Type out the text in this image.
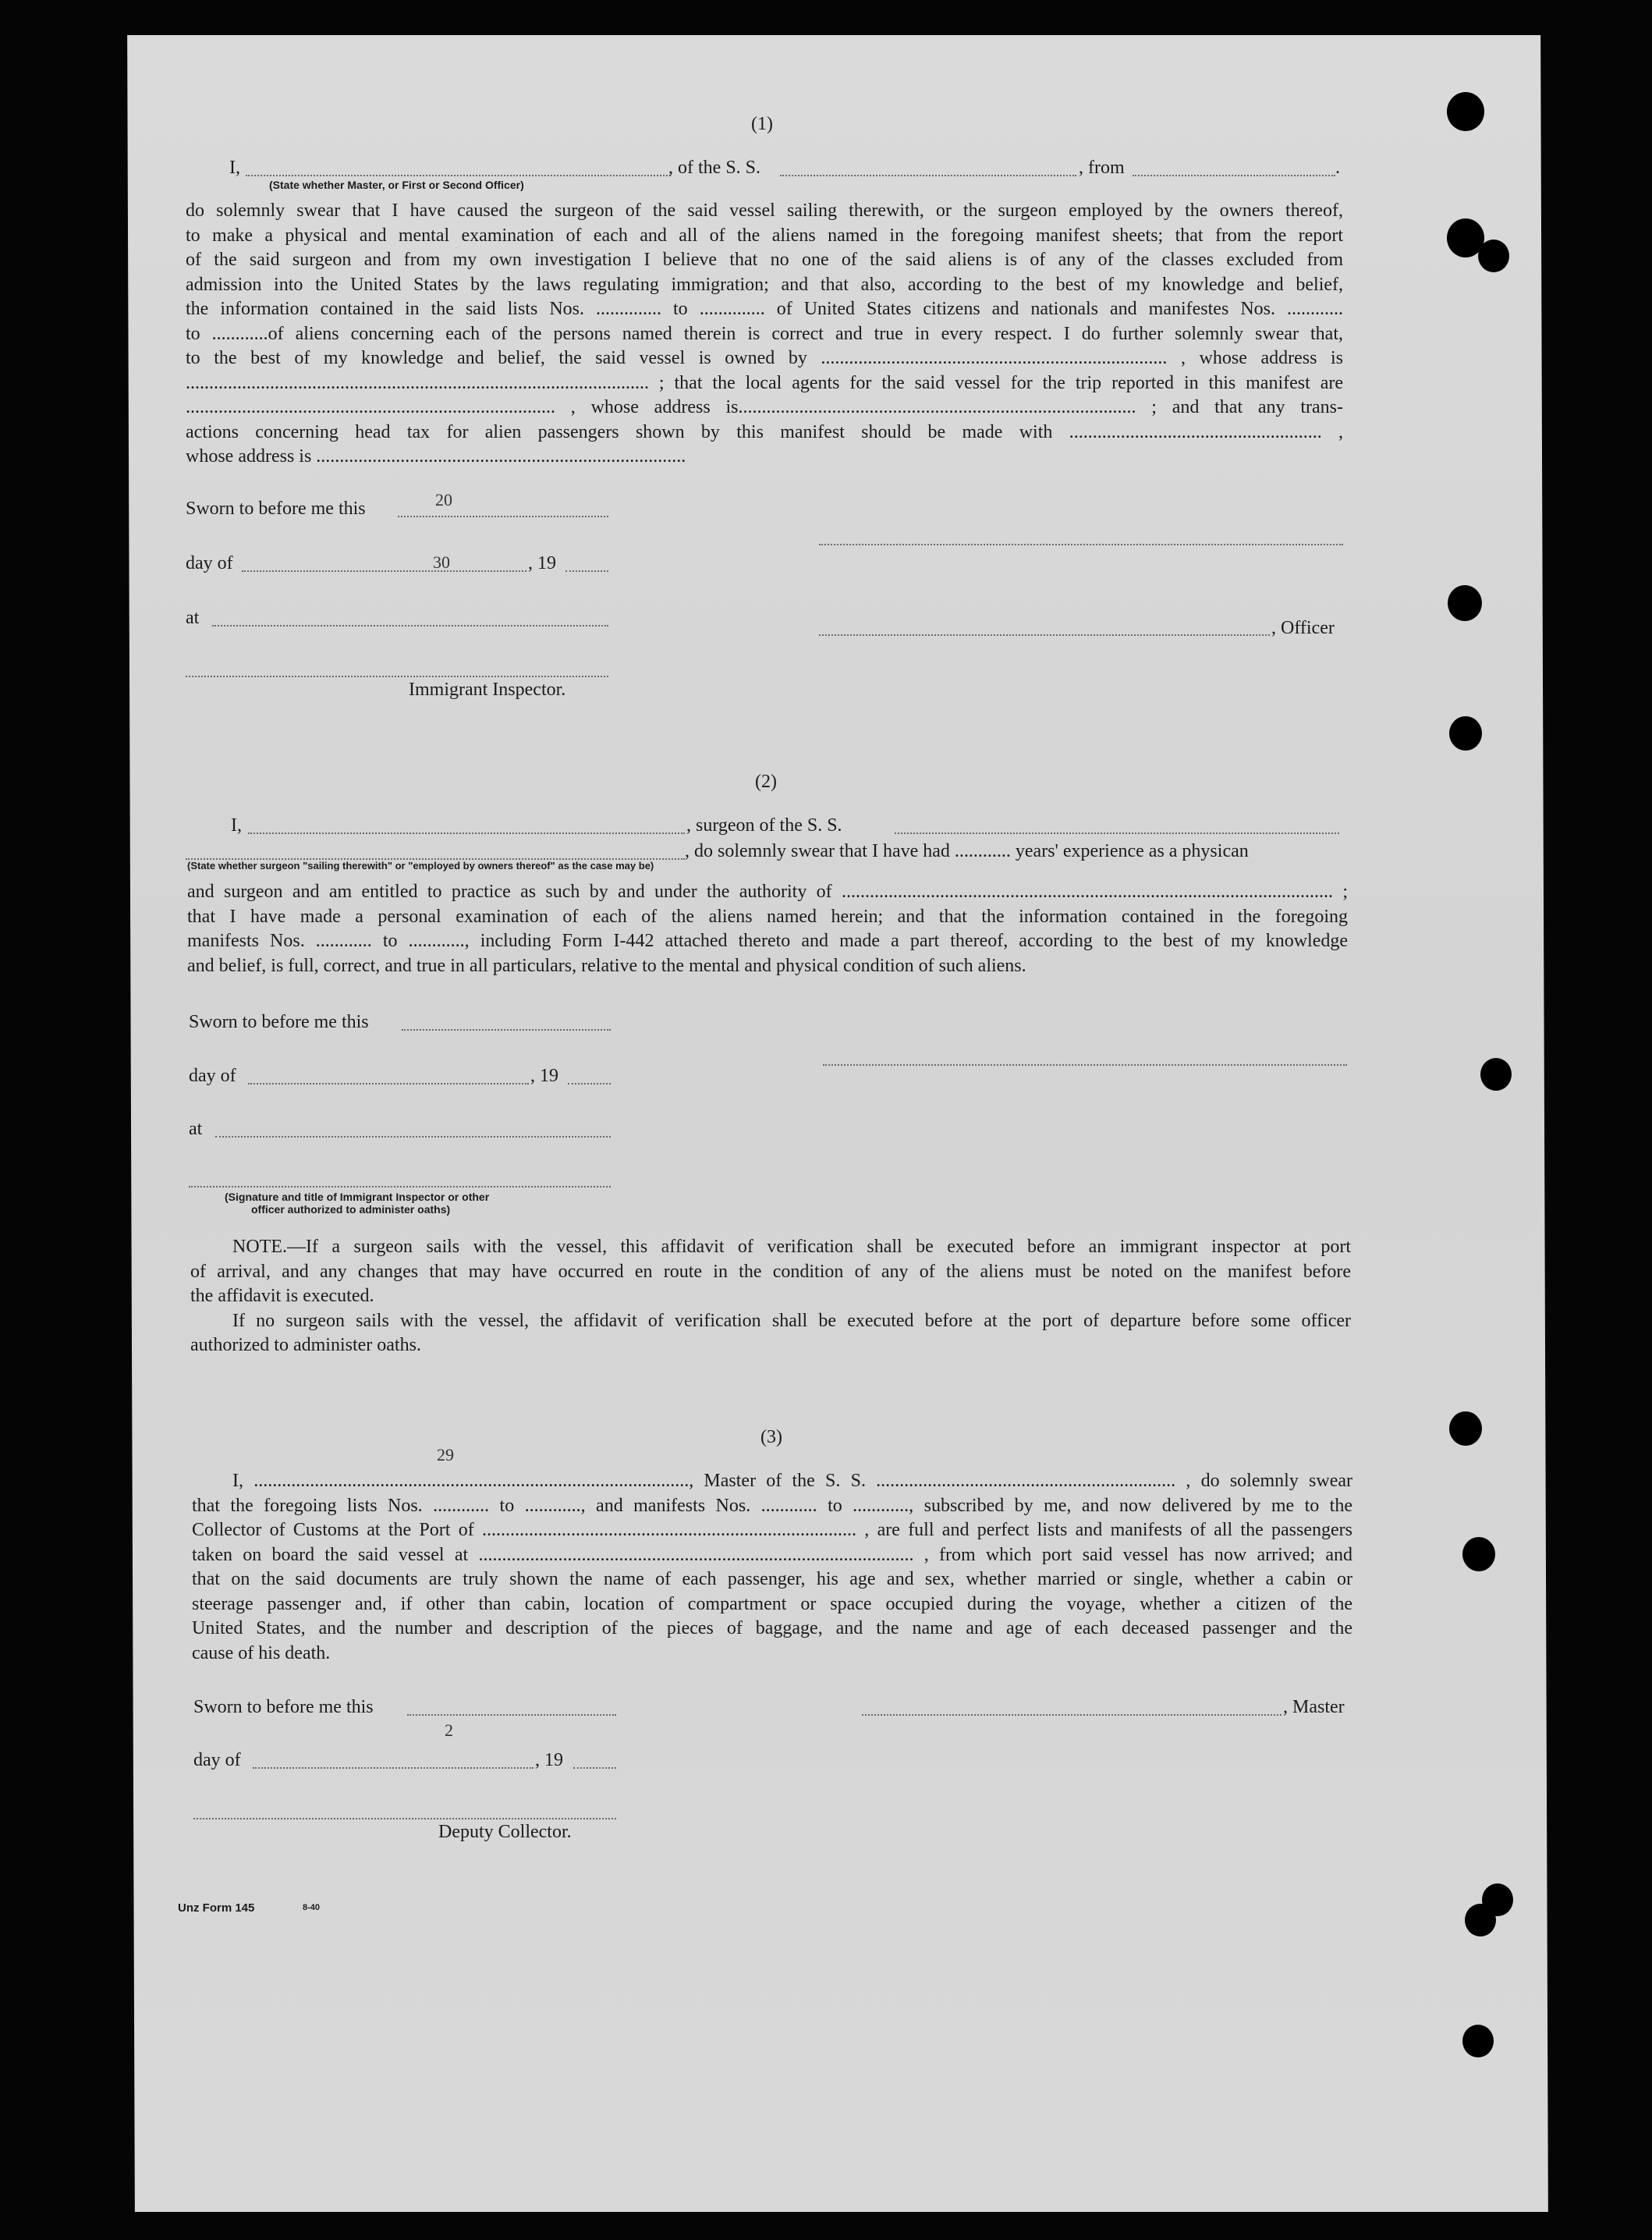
(1)
I,	, of the S. S.	, from	.
(State whether Master, or First or Second Officer)
do solemnly swear that I have caused the surgeon of the said vessel sailing therewith, or the surgeon employed by the owners thereof,
to make a physical and mental examination of each and all of the aliens named in the foregoing manifest sheets; that from the report
of the said surgeon and from my own investigation I believe that no one of the said aliens is of any of the classes excluded from
admission into the United States by the laws regulating immigration; and that also, according to the best of my knowledge and belief,
the information contained in the said lists Nos. .............. to .............. of United States citizens and nationals and manifestes Nos. ............
to ............of aliens concerning each of the persons named therein is correct and true in every respect. I do further solemnly swear that,
to the best of my knowledge and belief, the said vessel is owned by .......................................................................... , whose address is
................................................................................................... ; that the local agents for the said vessel for the trip reported in this manifest are
............................................................................... , whose address is..................................................................................... ; and that any trans-
actions concerning head tax for alien passengers shown by this manifest should be made with ...................................................... ,
whose address is ...............................................................................
Sworn to before me this	20
day of	30	, 19
at	, Officer
Immigrant Inspector.
(2)
I,	, surgeon of the S. S.
, do solemnly swear that I have had ............ years' experience as a physican
(State whether surgeon "sailing therewith" or "employed by owners thereof" as the case may be)
and surgeon and am entitled to practice as such by and under the authority of ......................................................................................................... ;
that I have made a personal examination of each of the aliens named herein; and that the information contained in the foregoing
manifests Nos. ............ to ............, including Form I-442 attached thereto and made a part thereof, according to the best of my knowledge
and belief, is full, correct, and true in all particulars, relative to the mental and physical condition of such aliens.
Sworn to before me this
day of	, 19
at
(Signature and title of Immigrant Inspector or other
officer authorized to administer oaths)
NOTE.—If a surgeon sails with the vessel, this affidavit of verification shall be executed before an immigrant inspector at port
of arrival, and any changes that may have occurred en route in the condition of any of the aliens must be noted on the manifest before
the affidavit is executed.
If no surgeon sails with the vessel, the affidavit of verification shall be executed before at the port of departure before some officer
authorized to administer oaths.
(3)
29
I, ............................................................................................., Master of the S. S. ................................................................ , do solemnly swear
that the foregoing lists Nos. ............ to ............, and manifests Nos. ............ to ............, subscribed by me, and now delivered by me to the
Collector of Customs at the Port of ................................................................................ , are full and perfect lists and manifests of all the passengers
taken on board the said vessel at ............................................................................................. , from which port said vessel has now arrived; and
that on the said documents are truly shown the name of each passenger, his age and sex, whether married or single, whether a cabin or
steerage passenger and, if other than cabin, location of compartment or space occupied during the voyage, whether a citizen of the
United States, and the number and description of the pieces of baggage, and the name and age of each deceased passenger and the
cause of his death.
Sworn to before me this	, Master
2
day of	, 19
Deputy Collector.
Unz Form 145	8-40
